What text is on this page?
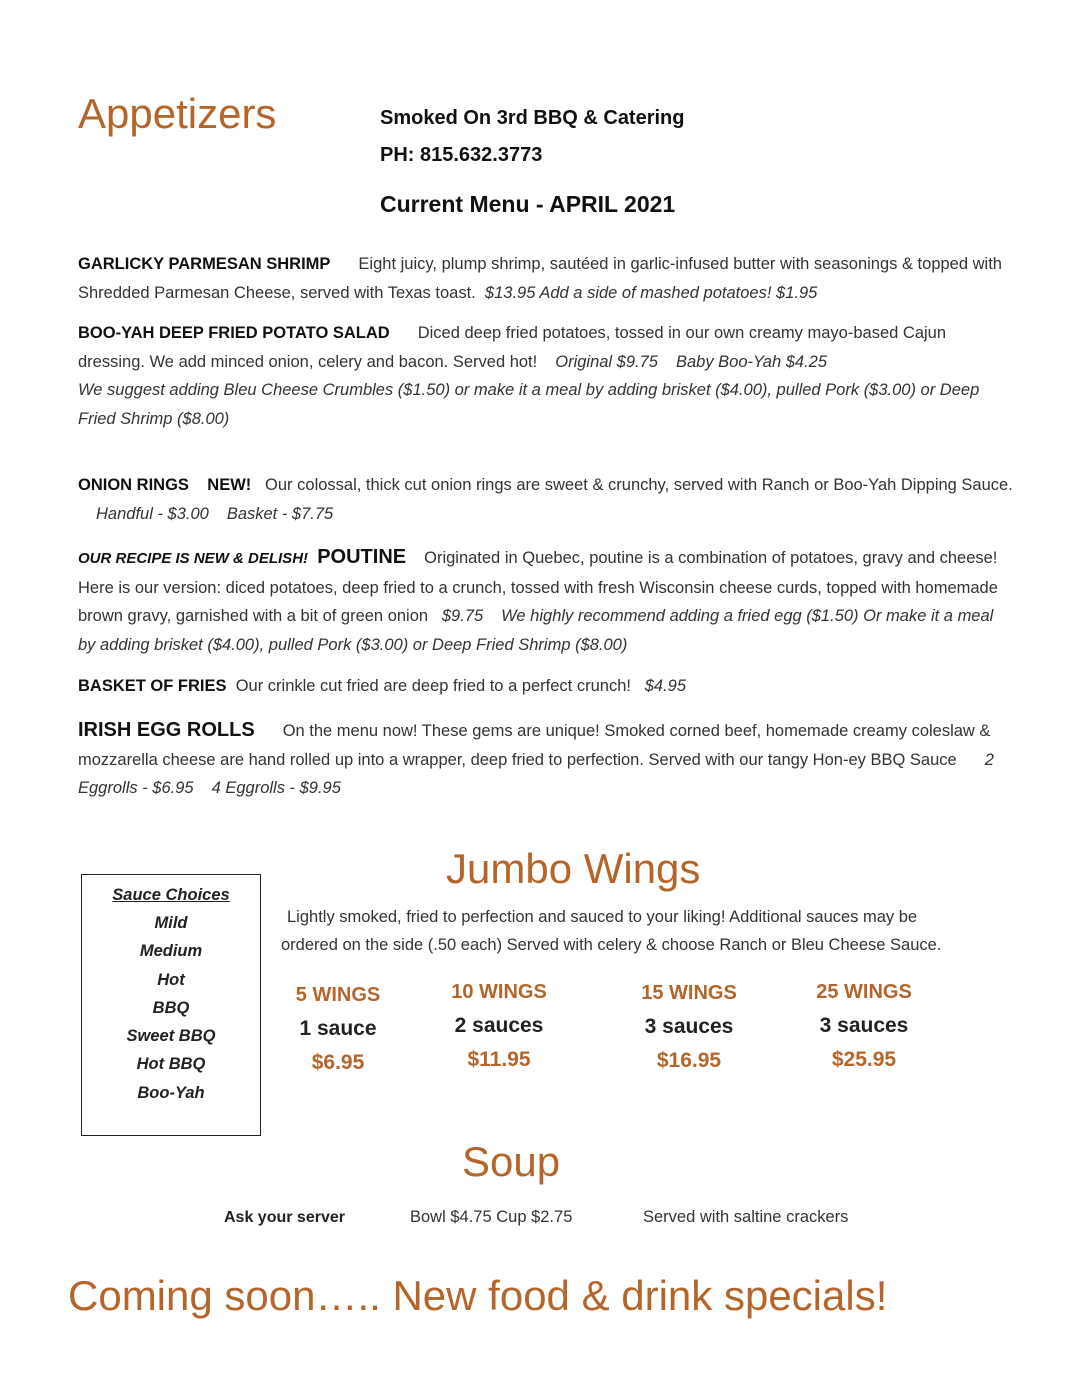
Appetizers	Smoked On 3rd BBQ & Catering
PH: 815.632.3773
Current Menu - APRIL 2021
GARLICKY PARMESAN SHRIMP Eight juicy, plump shrimp, sautéed in garlic-infused butter with seasonings & topped with Shredded Parmesan Cheese, served with Texas toast. $13.95 Add a side of mashed potatoes! $1.95
BOO-YAH DEEP FRIED POTATO SALAD Diced deep fried potatoes, tossed in our own creamy mayo-based Cajun dressing. We add minced onion, celery and bacon. Served hot! Original $9.75 Baby Boo-Yah $4.25
We suggest adding Bleu Cheese Crumbles ($1.50) or make it a meal by adding brisket ($4.00), pulled Pork ($3.00) or Deep Fried Shrimp ($8.00)
ONION RINGS NEW! Our colossal, thick cut onion rings are sweet & crunchy, served with Ranch or Boo-Yah Dipping Sauce.Handful - $3.00 Basket - $7.75
OUR RECIPE IS NEW & DELISH! POUTINE Originated in Quebec, poutine is a combination of potatoes, gravy and cheese! Here is our version: diced potatoes, deep fried to a crunch, tossed with fresh Wisconsin cheese curds, topped with homemade brown gravy, garnished with a bit of green onion $9.75 We highly recommend adding a fried egg ($1.50) Or make it a meal by adding brisket ($4.00), pulled Pork ($3.00) or Deep Fried Shrimp ($8.00)
BASKET OF FRIES Our crinkle cut fried are deep fried to a perfect crunch! $4.95
IRISH EGG ROLLS On the menu now! These gems are unique! Smoked corned beef, homemade creamy coleslaw & mozzarella cheese are hand rolled up into a wrapper, deep fried to perfection. Served with our tangy Hon-ey BBQ Sauce 2 Eggrolls - $6.95 4 Eggrolls - $9.95
Sauce Choices
Mild
Medium
Hot
BBQ
Sweet BBQ
Hot BBQ
Boo-Yah
Jumbo Wings
Lightly smoked, fried to perfection and sauced to your liking! Additional sauces may be
ordered on the side (.50 each) Served with celery & choose Ranch or Bleu Cheese Sauce.
5 WINGS
1 sauce
$6.95
10 WINGS
2 sauces
$11.95
15 WINGS
3 sauces
$16.95
25 WINGS
3 sauces
$25.95
Soup
Ask your server	Bowl $4.75 Cup $2.75	Served with saltine crackers
Coming soon….. New food & drink specials!
